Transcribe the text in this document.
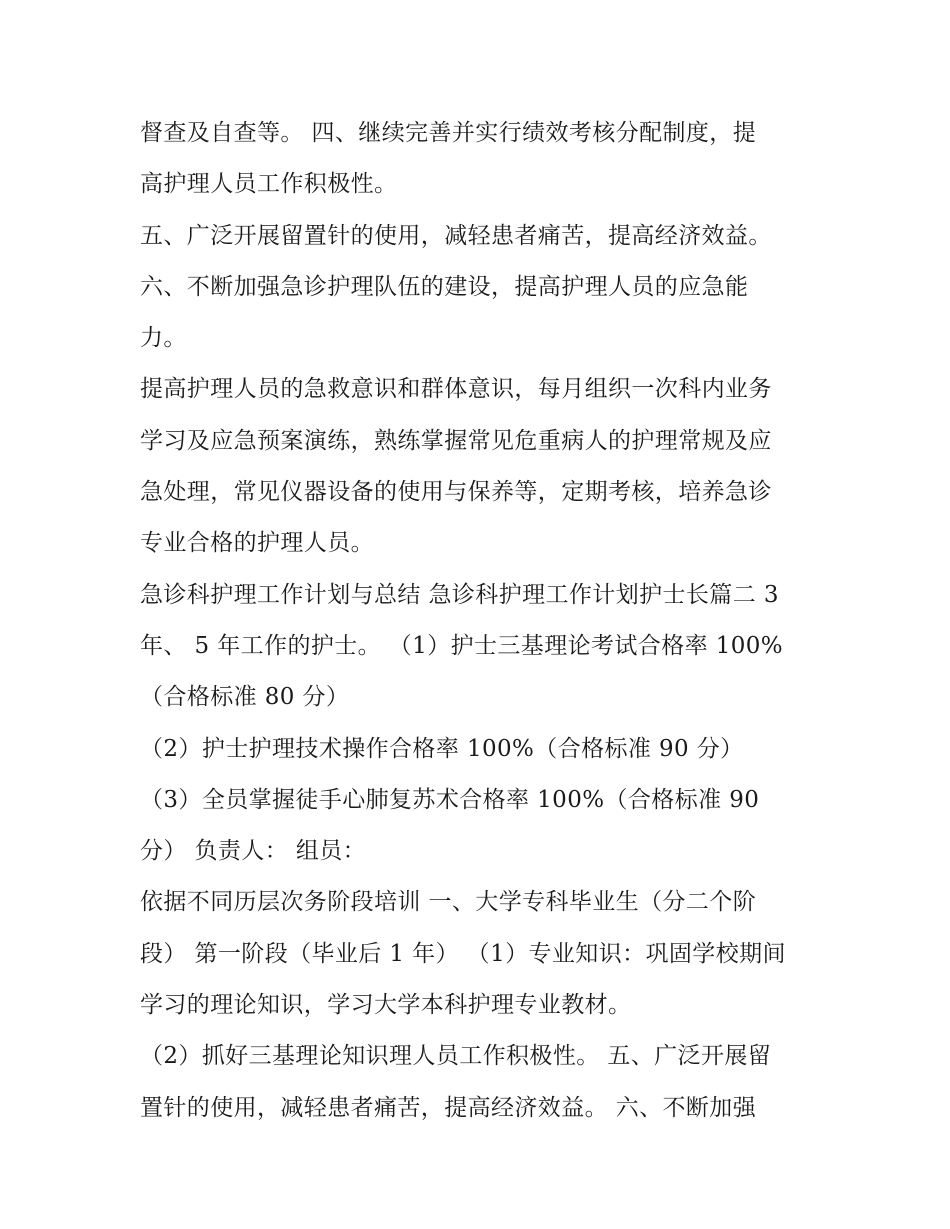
督查及自查等。 四、继续完善并实行绩效考核分配制度，提
高护理人员工作积极性。
五、广泛开展留置针的使用，减轻患者痛苦，提高经济效益。
六、不断加强急诊护理队伍的建设，提高护理人员的应急能
力。
提高护理人员的急救意识和群体意识，每月组织一次科内业务
学习及应急预案演练，熟练掌握常见危重病人的护理常规及应
急处理，常见仪器设备的使用与保养等，定期考核，培养急诊
专业合格的护理人员。
急诊科护理工作计划与总结 急诊科护理工作计划护士长篇二 3
年、 5 年工作的护士。 （1）护士三基理论考试合格率 100%
（合格标准 80 分）
（2）护士护理技术操作合格率 100%（合格标准 90 分）
（3）全员掌握徒手心肺复苏术合格率 100%（合格标准 90
分） 负责人： 组员：
依据不同历层次务阶段培训 一、大学专科毕业生（分二个阶
段） 第一阶段（毕业后 1 年） （1）专业知识：巩固学校期间
学习的理论知识，学习大学本科护理专业教材。
（2）抓好三基理论知识理人员工作积极性。 五、广泛开展留
置针的使用，减轻患者痛苦，提高经济效益。 六、不断加强
